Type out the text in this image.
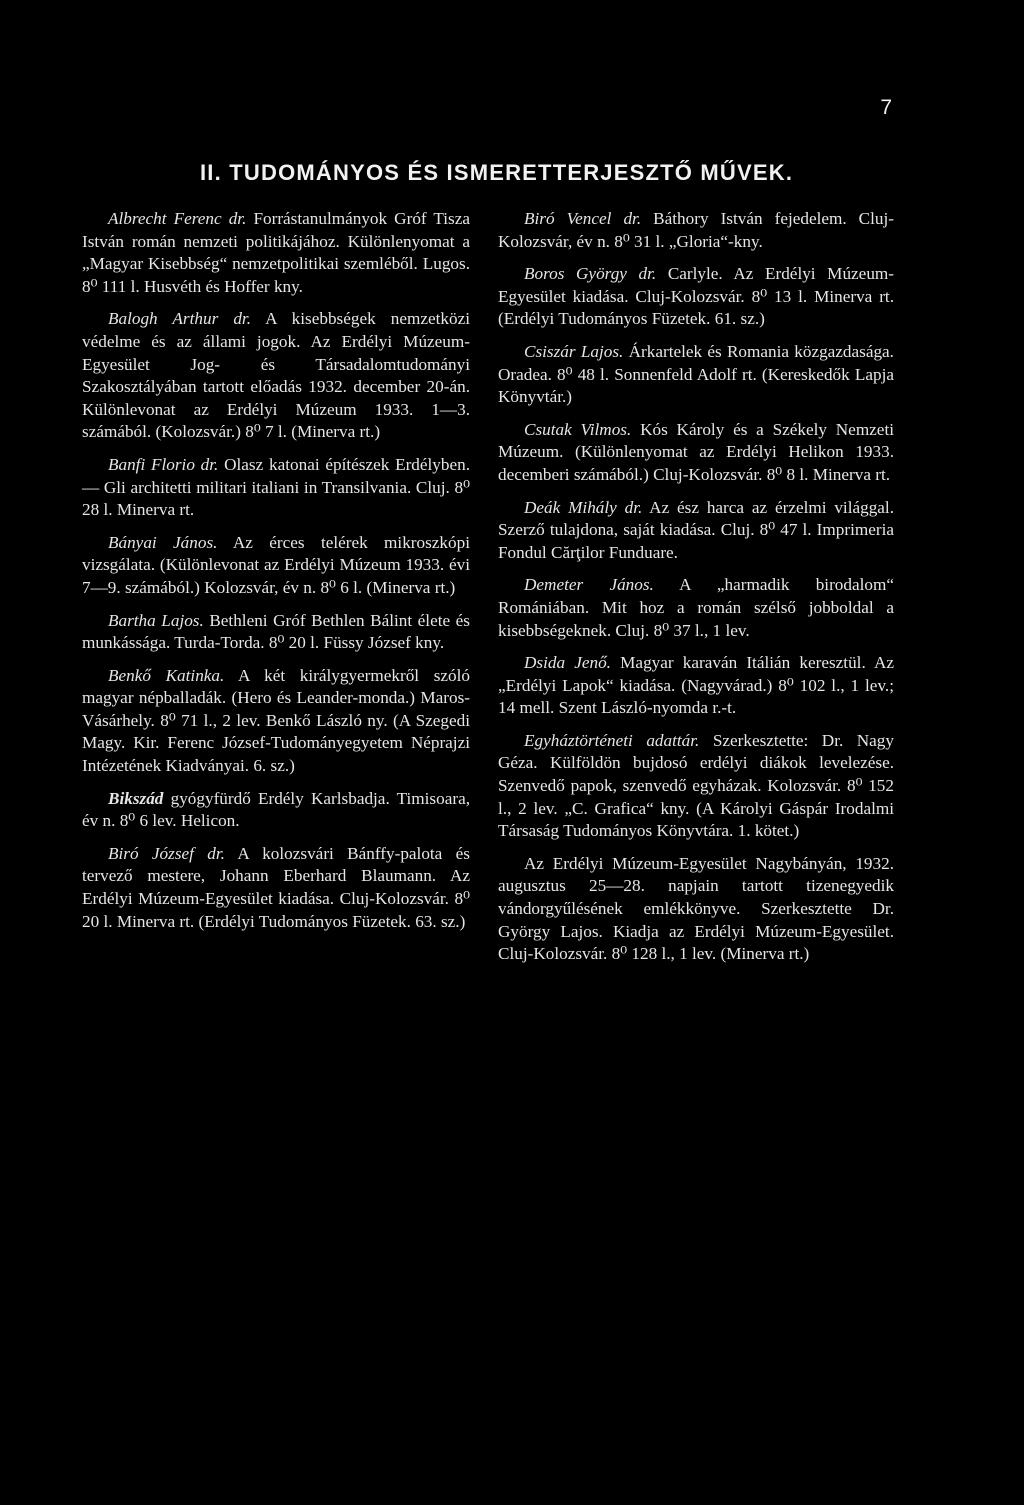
7
II. TUDOMÁNYOS ÉS ISMERETTERJESZTŐ MŰVEK.

Albrecht Ferenc dr. Forrástanulmányok Gróf Tisza István román nemzeti politikájához. Különlenyomat a „Magyar Kisebbség“ nemzetpolitikai szemléből. Lugos. 8⁰ 111 l. Husvéth és Hoffer kny.

Balogh Arthur dr. A kisebbségek nemzetközi védelme és az állami jogok. Az Erdélyi Múzeum-Egyesület Jog- és Társadalomtudományi Szakosztályában tartott előadás 1932. december 20-án. Különlevonat az Erdélyi Múzeum 1933. 1—3. számából. (Kolozsvár.) 8⁰ 7 l. (Minerva rt.)

Banfi Florio dr. Olasz katonai építészek Erdélyben. — Gli architetti militari italiani in Transilvania. Cluj. 8⁰ 28 l. Minerva rt.

Bányai János. Az érces telérek mikroszkópi vizsgálata. (Különlevonat az Erdélyi Múzeum 1933. évi 7—9. számából.) Kolozsvár, év n. 8⁰ 6 l. (Minerva rt.)

Bartha Lajos. Bethleni Gróf Bethlen Bálint élete és munkássága. Turda-Torda. 8⁰ 20 l. Füssy József kny.

Benkő Katinka. A két királygyermekről szóló magyar népballadák. (Hero és Leander-monda.) Maros-Vásárhely. 8⁰ 71 l., 2 lev. Benkő László ny. (A Szegedi Magy. Kir. Ferenc József-Tudományegyetem Néprajzi Intézetének Kiadványai. 6. sz.)

Bikszád gyógyfürdő Erdély Karlsbadja. Timisoara, év n. 8⁰ 6 lev. Helicon.

Biró József dr. A kolozsvári Bánffy-palota és tervező mestere, Johann Eberhard Blaumann. Az Erdélyi Múzeum-Egyesület kiadása. Cluj-Kolozsvár. 8⁰ 20 l. Minerva rt. (Erdélyi Tudományos Füzetek. 63. sz.)

Biró Vencel dr. Báthory István fejedelem. Cluj-Kolozsvár, év n. 8⁰ 31 l. „Gloria“-kny.

Boros György dr. Carlyle. Az Erdélyi Múzeum-Egyesület kiadása. Cluj-Kolozsvár. 8⁰ 13 l. Minerva rt. (Erdélyi Tudományos Füzetek. 61. sz.)

Csiszár Lajos. Árkartelek és Romania közgazdasága. Oradea. 8⁰ 48 l. Sonnenfeld Adolf rt. (Kereskedők Lapja Könyvtár.)

Csutak Vilmos. Kós Károly és a Székely Nemzeti Múzeum. (Különlenyomat az Erdélyi Helikon 1933. decemberi számából.) Cluj-Kolozsvár. 8⁰ 8 l. Minerva rt.

Deák Mihály dr. Az ész harca az érzelmi világgal. Szerző tulajdona, saját kiadása. Cluj. 8⁰ 47 l. Imprimeria Fondul Cărţilor Funduare.

Demeter János. A „harmadik birodalom“ Romániában. Mit hoz a román szélső jobboldal a kisebbségeknek. Cluj. 8⁰ 37 l., 1 lev.

Dsida Jenő. Magyar karaván Itálián keresztül. Az „Erdélyi Lapok“ kiadása. (Nagyvárad.) 8⁰ 102 l., 1 lev.; 14 mell. Szent László-nyomda r.-t.

Egyháztörténeti adattár. Szerkesztette: Dr. Nagy Géza. Külföldön bujdosó erdélyi diákok levelezése. Szenvedő papok, szenvedő egyházak. Kolozsvár. 8⁰ 152 l., 2 lev. „C. Grafica“ kny. (A Károlyi Gáspár Irodalmi Társaság Tudományos Könyvtára. 1. kötet.)

Az Erdélyi Múzeum-Egyesület Nagybányán, 1932. augusztus 25—28. napjain tartott tizenegyedik vándorgyűlésének emlékkönyve. Szerkesztette Dr. György Lajos. Kiadja az Erdélyi Múzeum-Egyesület. Cluj-Kolozsvár. 8⁰ 128 l., 1 lev. (Minerva rt.)
